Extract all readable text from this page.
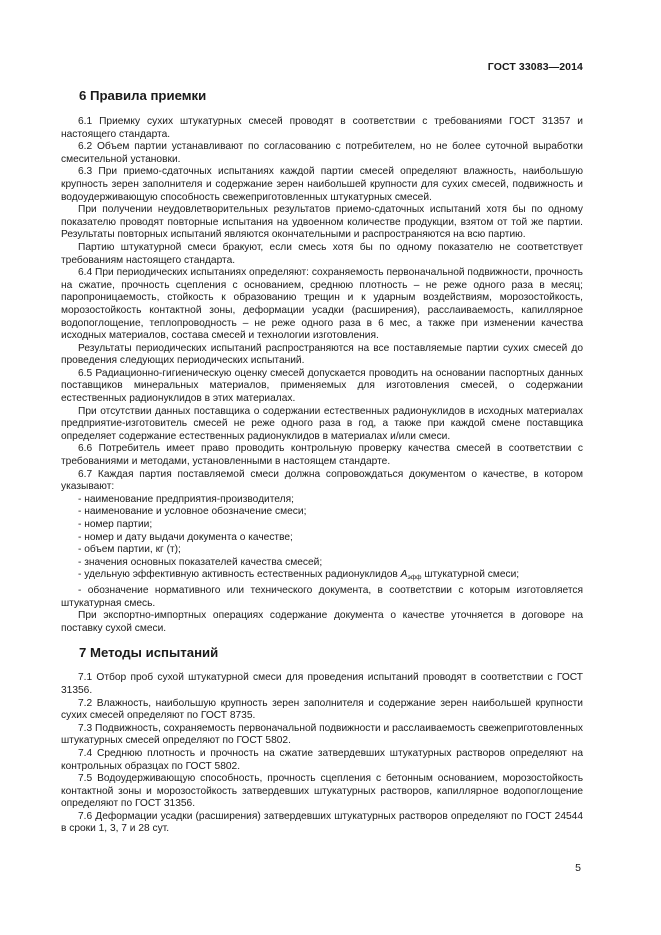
ГОСТ 33083—2014
6 Правила приемки

6.1 Приемку сухих штукатурных смесей проводят в соответствии с требованиями ГОСТ 31357 и настоящего стандарта.

6.2 Объем партии устанавливают по согласованию с потребителем, но не более суточной выработки смесительной установки.

6.3 При приемо-сдаточных испытаниях каждой партии смесей определяют влажность, наибольшую крупность зерен заполнителя и содержание зерен наибольшей крупности для сухих смесей, подвижность и водоудерживающую способность свежеприготовленных штукатурных смесей.

При получении неудовлетворительных результатов приемо-сдаточных испытаний хотя бы по одному показателю проводят повторные испытания на удвоенном количестве продукции, взятом от той же партии. Результаты повторных испытаний являются окончательными и распространяются на всю партию.

Партию штукатурной смеси бракуют, если смесь хотя бы по одному показателю не соответствует требованиям настоящего стандарта.

6.4 При периодических испытаниях определяют: сохраняемость первоначальной подвижности, прочность на сжатие, прочность сцепления с основанием, среднюю плотность – не реже одного раза в месяц; паропроницаемость, стойкость к образованию трещин и к ударным воздействиям, морозостойкость, морозостойкость контактной зоны, деформации усадки (расширения), расслаиваемость, капиллярное водопоглощение, теплопроводность – не реже одного раза в 6 мес, а также при изменении качества исходных материалов, состава смесей и технологии изготовления.

Результаты периодических испытаний распространяются на все поставляемые партии сухих смесей до проведения следующих периодических испытаний.

6.5 Радиационно-гигиеническую оценку смесей допускается проводить на основании паспортных данных поставщиков минеральных материалов, применяемых для изготовления смесей, о содержании естественных радионуклидов в этих материалах.

При отсутствии данных поставщика о содержании естественных радионуклидов в исходных материалах предприятие-изготовитель смесей не реже одного раза в год, а также при каждой смене поставщика определяет содержание естественных радионуклидов в материалах и/или смеси.

6.6 Потребитель имеет право проводить контрольную проверку качества смесей в соответствии с требованиями и методами, установленными в настоящем стандарте.

6.7 Каждая партия поставляемой смеси должна сопровождаться документом о качестве, в котором указывают:

- наименование предприятия-производителя;

- наименование и условное обозначение смеси;

- номер партии;

- номер и дату выдачи документа о качестве;

- объем партии, кг (т);

- значения основных показателей качества смесей;

- удельную эффективную активность естественных радионуклидов $A_{эфф}$ штукатурной смеси;

- обозначение нормативного или технического документа, в соответствии с которым изготовляется штукатурная смесь.

При экспортно-импортных операциях содержание документа о качестве уточняется в договоре на поставку сухой смеси.

7 Методы испытаний

7.1 Отбор проб сухой штукатурной смеси для проведения испытаний проводят в соответствии с ГОСТ 31356.

7.2 Влажность, наибольшую крупность зерен заполнителя и содержание зерен наибольшей крупности сухих смесей определяют по ГОСТ 8735.

7.3 Подвижность, сохраняемость первоначальной подвижности и расслаиваемость свежеприготовленных штукатурных смесей определяют по ГОСТ 5802.

7.4 Среднюю плотность и прочность на сжатие затвердевших штукатурных растворов определяют на контрольных образцах по ГОСТ 5802.

7.5 Водоудерживающую способность, прочность сцепления с бетонным основанием, морозостойкость контактной зоны и морозостойкость затвердевших штукатурных растворов, капиллярное водопоглощение определяют по ГОСТ 31356.

7.6 Деформации усадки (расширения) затвердевших штукатурных растворов определяют по ГОСТ 24544 в сроки 1, 3, 7 и 28 сут.

5
